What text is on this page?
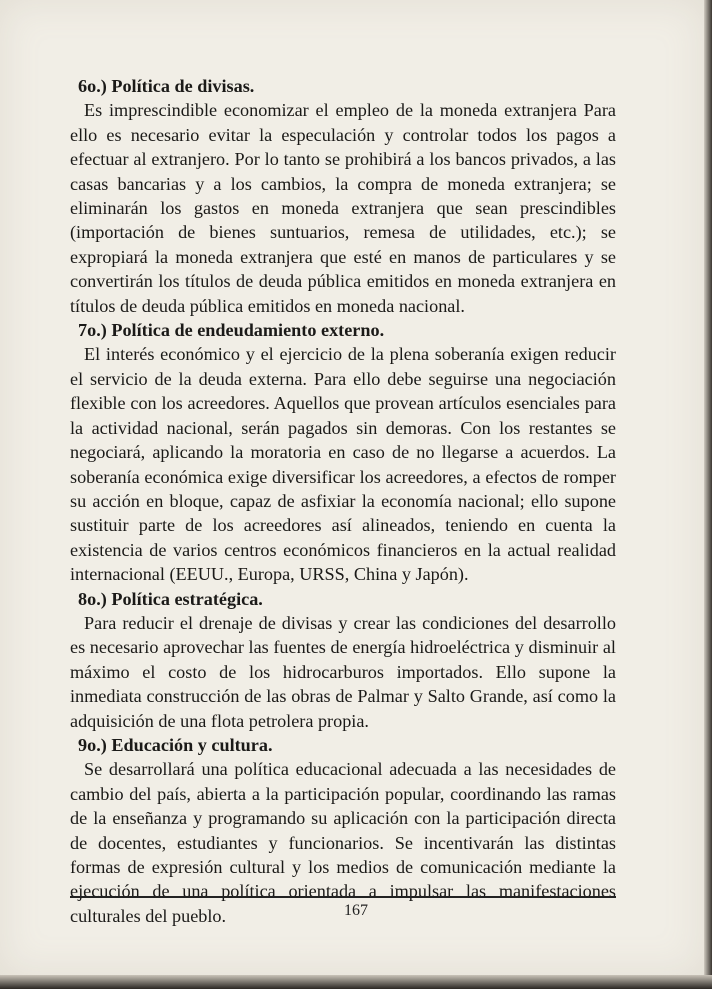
6o.) Política de divisas.

Es imprescindible economizar el empleo de la moneda extranjera Para ello es necesario evitar la especulación y controlar todos los pagos a efectuar al extranjero. Por lo tanto se prohibirá a los bancos privados, a las casas bancarias y a los cambios, la compra de moneda extranjera; se eliminarán los gastos en moneda extranjera que sean prescindibles (importación de bienes suntuarios, remesa de utilidades, etc.); se expropiará la moneda extranjera que esté en manos de particulares y se convertirán los títulos de deuda pública emitidos en moneda extranjera en títulos de deuda pública emitidos en moneda nacional.

7o.) Política de endeudamiento externo.

El interés económico y el ejercicio de la plena soberanía exigen reducir el servicio de la deuda externa. Para ello debe seguirse una negociación flexible con los acreedores. Aquellos que provean artículos esenciales para la actividad nacional, serán pagados sin demoras. Con los restantes se negociará, aplicando la moratoria en caso de no llegarse a acuerdos. La soberanía económica exige diversificar los acreedores, a efectos de romper su acción en bloque, capaz de asfixiar la economía nacional; ello supone sustituir parte de los acreedores así alineados, teniendo en cuenta la existencia de varios centros económicos financieros en la actual realidad internacional (EEUU., Europa, URSS, China y Japón).

8o.) Política estratégica.

Para reducir el drenaje de divisas y crear las condiciones del desarrollo es necesario aprovechar las fuentes de energía hidroeléctrica y disminuir al máximo el costo de los hidrocarburos importados. Ello supone la inmediata construcción de las obras de Palmar y Salto Grande, así como la adquisición de una flota petrolera propia.

9o.) Educación y cultura.

Se desarrollará una política educacional adecuada a las necesidades de cambio del país, abierta a la participación popular, coordinando las ramas de la enseñanza y programando su aplicación con la participación directa de docentes, estudiantes y funcionarios. Se incentivarán las distintas formas de expresión cultural y los medios de comunicación mediante la ejecución de una política orientada a impulsar las manifestaciones culturales del pueblo.	167
